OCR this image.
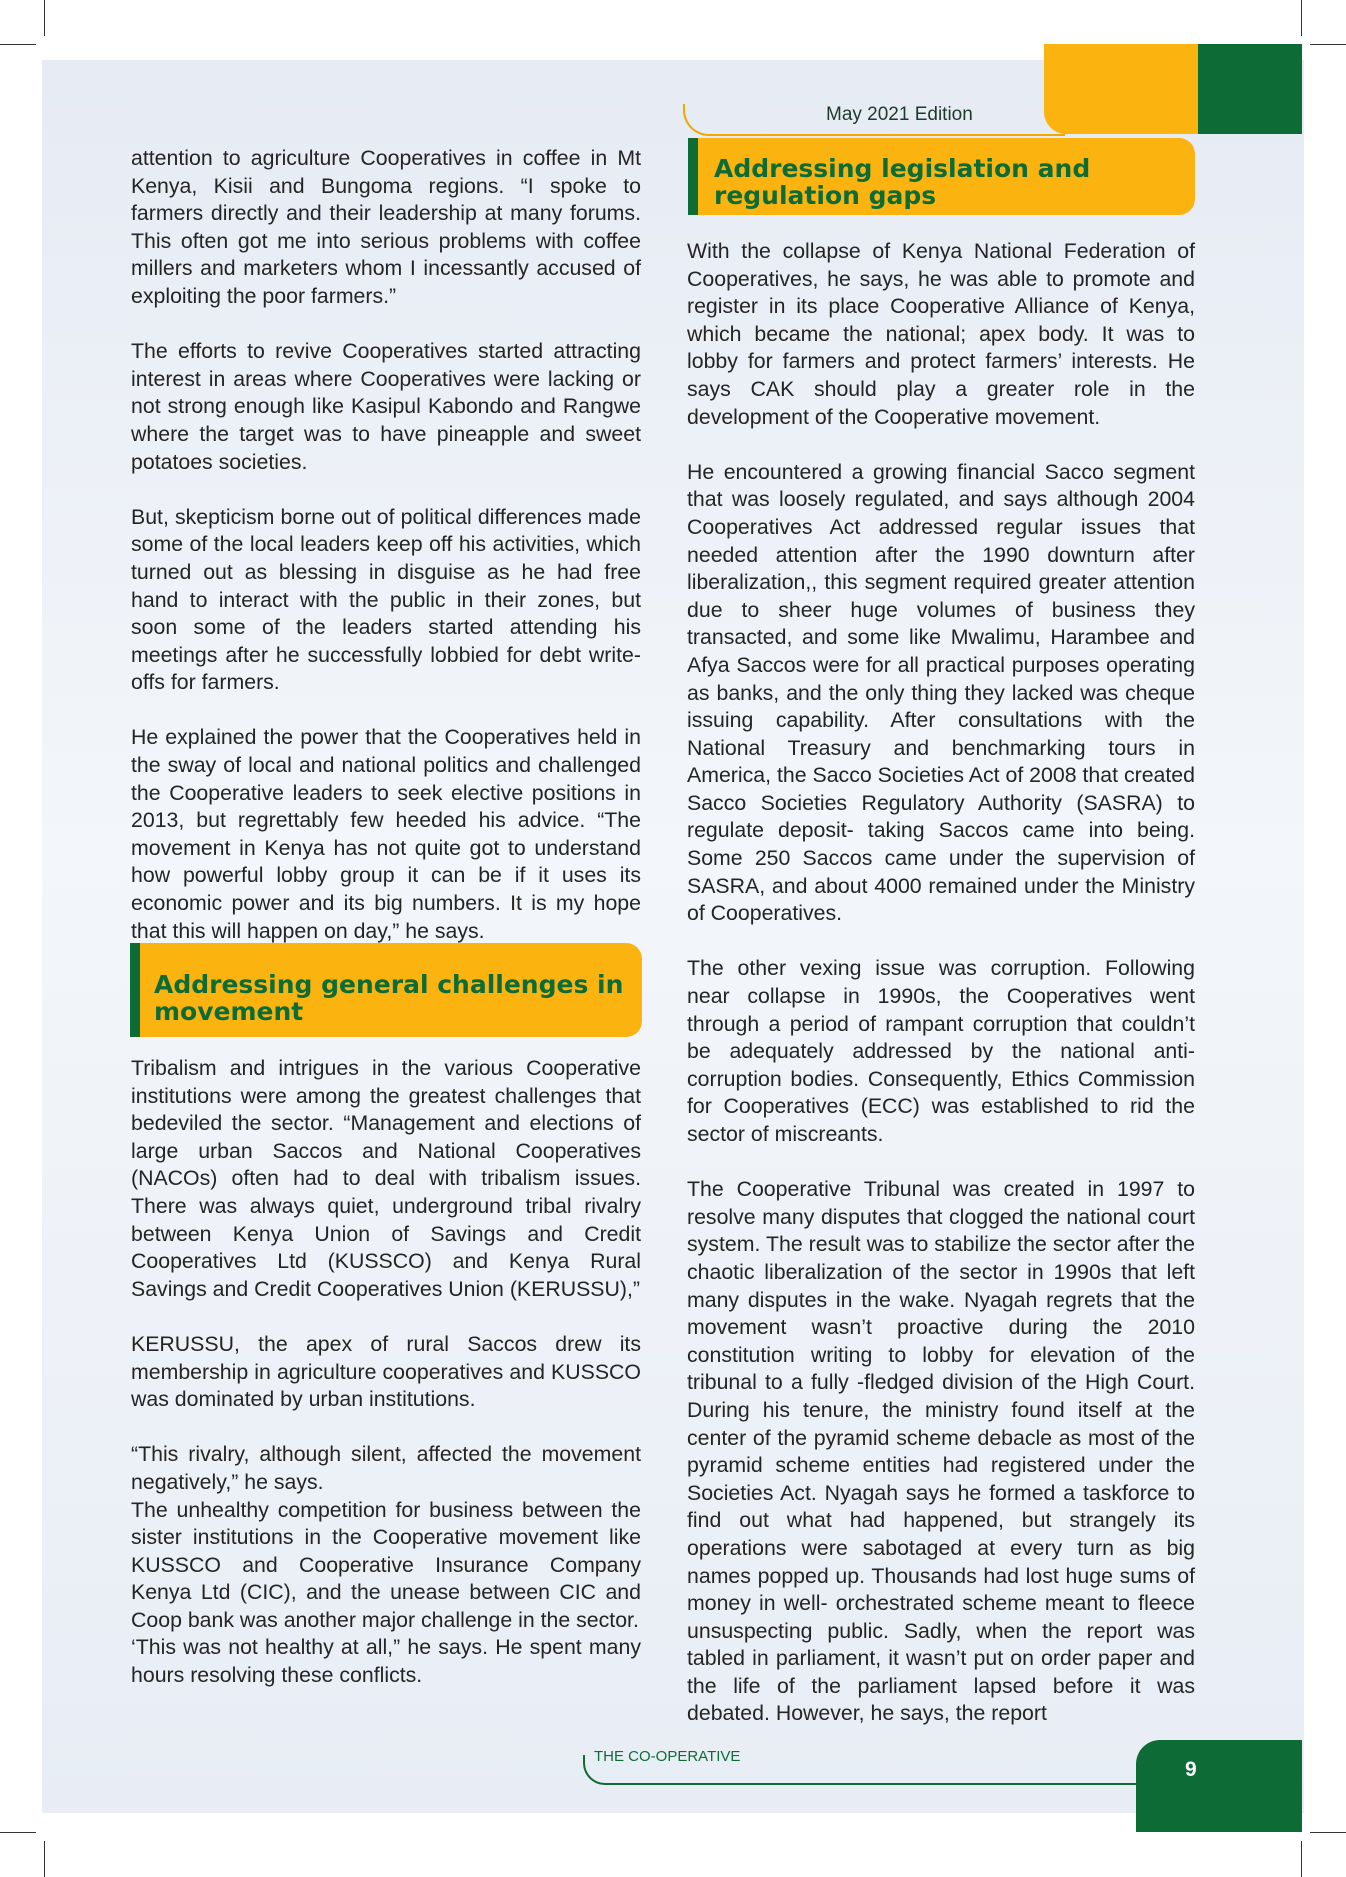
May 2021 Edition

attention to agriculture Cooperatives in coffee in Mt Kenya, Kisii and Bungoma regions. “I spoke to farmers directly and their leadership at many forums. This often got me into serious problems with coffee millers and marketers whom I incessantly accused of exploiting the poor farmers.”

The efforts to revive Cooperatives started attracting interest in areas where Cooperatives were lacking or not strong enough like Kasipul Kabondo and Rangwe where the target was to have pineapple and sweet potatoes societies.

But, skepticism borne out of political differences made some of the local leaders keep off his activities, which turned out as blessing in disguise as he had free hand to interact with the public in their zones, but soon some of the leaders started attending his meetings after he successfully lobbied for debt write-offs for farmers.

He explained the power that the Cooperatives held in the sway of local and national politics and challenged the Cooperative leaders to seek elective positions in 2013, but regrettably few heeded his advice. “The movement in Kenya has not quite got to understand how powerful lobby group it can be if it uses its economic power and its big numbers. It is my hope that this will happen on day,” he says.

Addressing general challenges in movement

Tribalism and intrigues in the various Cooperative institutions were among the greatest challenges that bedeviled the sector. “Management and elections of large urban Saccos and National Cooperatives (NACOs) often had to deal with tribalism issues. There was always quiet, underground tribal rivalry between Kenya Union of Savings and Credit Cooperatives Ltd (KUSSCO) and Kenya Rural Savings and Credit Cooperatives Union (KERUSSU),”

KERUSSU, the apex of rural Saccos drew its membership in agriculture cooperatives and KUSSCO was dominated by urban institutions.

“This rivalry, although silent, affected the movement negatively,” he says.

The unhealthy competition for business between the sister institutions in the Cooperative movement like KUSSCO and Cooperative Insurance Company Kenya Ltd (CIC), and the unease between CIC and Coop bank was another major challenge in the sector.

‘This was not healthy at all,” he says. He spent many hours resolving these conflicts.

Addressing legislation and regulation gaps

With the collapse of Kenya National Federation of Cooperatives, he says, he was able to promote and register in its place Cooperative Alliance of Kenya, which became the national; apex body. It was to lobby for farmers and protect farmers’ interests. He says CAK should play a greater role in the development of the Cooperative movement.

He encountered a growing financial Sacco segment that was loosely regulated, and says although 2004 Cooperatives Act addressed regular issues that needed attention after the 1990 downturn after liberalization,, this segment required greater attention due to sheer huge volumes of business they transacted, and some like Mwalimu, Harambee and Afya Saccos were for all practical purposes operating as banks, and the only thing they lacked was cheque issuing capability. After consultations with the National Treasury and benchmarking tours in America, the Sacco Societies Act of 2008 that created Sacco Societies Regulatory Authority (SASRA) to regulate deposit- taking Saccos came into being. Some 250 Saccos came under the supervision of SASRA, and about 4000 remained under the Ministry of Cooperatives.

The other vexing issue was corruption. Following near collapse in 1990s, the Cooperatives went through a period of rampant corruption that couldn’t be adequately addressed by the national anti-corruption bodies. Consequently, Ethics Commission for Cooperatives (ECC) was established to rid the sector of miscreants.

The Cooperative Tribunal was created in 1997 to resolve many disputes that clogged the national court system. The result was to stabilize the sector after the chaotic liberalization of the sector in 1990s that left many disputes in the wake. Nyagah regrets that the movement wasn’t proactive during the 2010 constitution writing to lobby for elevation of the tribunal to a fully -fledged division of the High Court. During his tenure, the ministry found itself at the center of the pyramid scheme debacle as most of the pyramid scheme entities had registered under the Societies Act. Nyagah says he formed a taskforce to find out what had happened, but strangely its operations were sabotaged at every turn as big names popped up. Thousands had lost huge sums of money in well- orchestrated scheme meant to fleece unsuspecting public. Sadly, when the report was tabled in parliament, it wasn’t put on order paper and the life of the parliament lapsed before it was debated. However, he says, the report

THE CO-OPERATIVE
9
